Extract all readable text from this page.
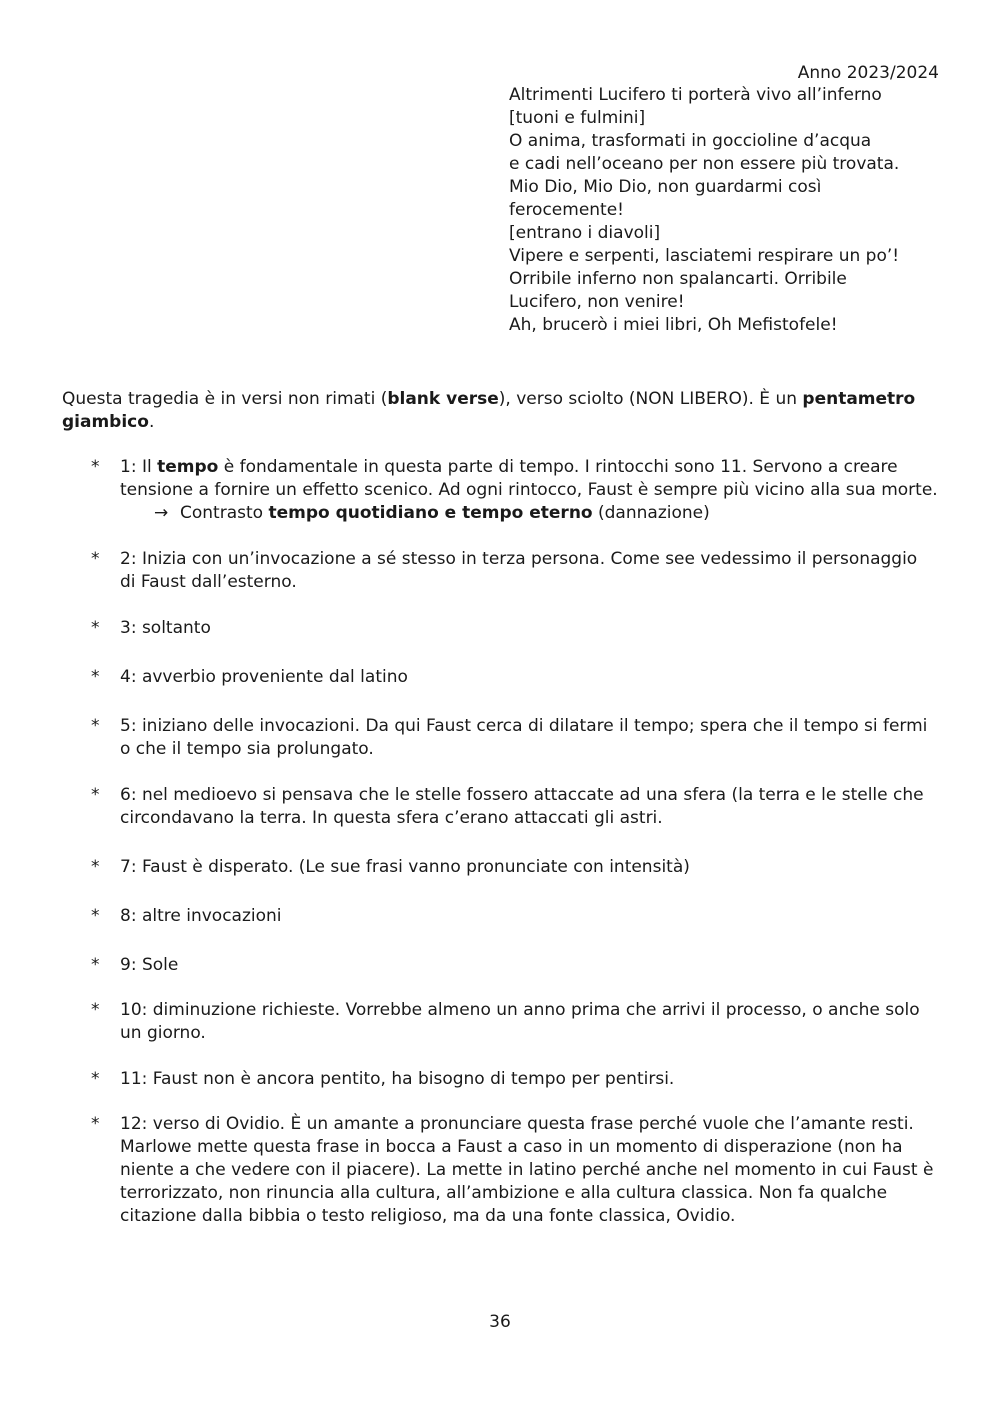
Anno 2023/2024
Altrimenti Lucifero ti porterà vivo all’inferno
[tuoni e fulmini]
O anima, trasformati in goccioline d’acqua
e cadi nell’oceano per non essere più trovata.
Mio Dio, Mio Dio, non guardarmi così
ferocemente!
[entrano i diavoli]
Vipere e serpenti, lasciatemi respirare un po’!
Orribile inferno non spalancarti. Orribile
Lucifero, non venire!
Ah, brucerò i miei libri, Oh Mefistofele!
Questa tragedia è in versi non rimati (blank verse), verso sciolto (NON LIBERO). È un pentametro giambico.
* 1: Il tempo è fondamentale in questa parte di tempo. I rintocchi sono 11. Servono a creare tensione a fornire un effetto scenico. Ad ogni rintocco, Faust è sempre più vicino alla sua morte.
→ Contrasto tempo quotidiano e tempo eterno (dannazione)
* 2: Inizia con un’invocazione a sé stesso in terza persona. Come see vedessimo il personaggio di Faust dall’esterno.
* 3: soltanto
* 4: avverbio proveniente dal latino
* 5: iniziano delle invocazioni. Da qui Faust cerca di dilatare il tempo; spera che il tempo si fermi o che il tempo sia prolungato.
* 6: nel medioevo si pensava che le stelle fossero attaccate ad una sfera (la terra e le stelle che circondavano la terra. In questa sfera c’erano attaccati gli astri.
* 7: Faust è disperato. (Le sue frasi vanno pronunciate con intensità)
* 8: altre invocazioni
* 9: Sole
* 10: diminuzione richieste. Vorrebbe almeno un anno prima che arrivi il processo, o anche solo un giorno.
* 11: Faust non è ancora pentito, ha bisogno di tempo per pentirsi.
* 12: verso di Ovidio. È un amante a pronunciare questa frase perché vuole che l’amante resti. Marlowe mette questa frase in bocca a Faust a caso in un momento di disperazione (non ha niente a che vedere con il piacere). La mette in latino perché anche nel momento in cui Faust è terrorizzato, non rinuncia alla cultura, all’ambizione e alla cultura classica. Non fa qualche citazione dalla bibbia o testo religioso, ma da una fonte classica, Ovidio.
36
